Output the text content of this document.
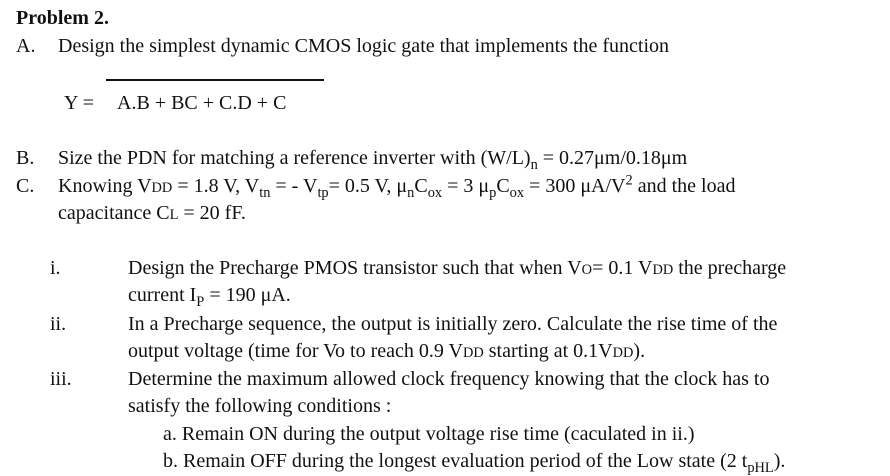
Problem 2.
A. Design the simplest dynamic CMOS logic gate that implements the function
Y = A.B + BC + C.D + C
B. Size the PDN for matching a reference inverter with $(W/L)_n = 0.27\mu m/0.18\mu m$
C. Knowing VDD = 1.8 V, $V_{tn}$ = - $V_{tp}= 0.5$ V, $\mu_nC_{ox} = 3$ $\mu_pC_{ox} = 300$ $\mu A/V^2$ and the load
capacitance CL = 20 fF.
i.	Design the Precharge PMOS transistor such that when VO= 0.1 VDD the precharge
current $I_P = 190$ μA.
ii.	In a Precharge sequence, the output is initially zero. Calculate the rise time of the
output voltage (time for Vo to reach 0.9 VDD starting at 0.1VDD).
iii.	Determine the maximum allowed clock frequency knowing that the clock has to
satisfy the following conditions :
a. Remain ON during the output voltage rise time (caculated in ii.)
b. Remain OFF during the longest evaluation period of the Low state (2 $t_{pHL}$).
